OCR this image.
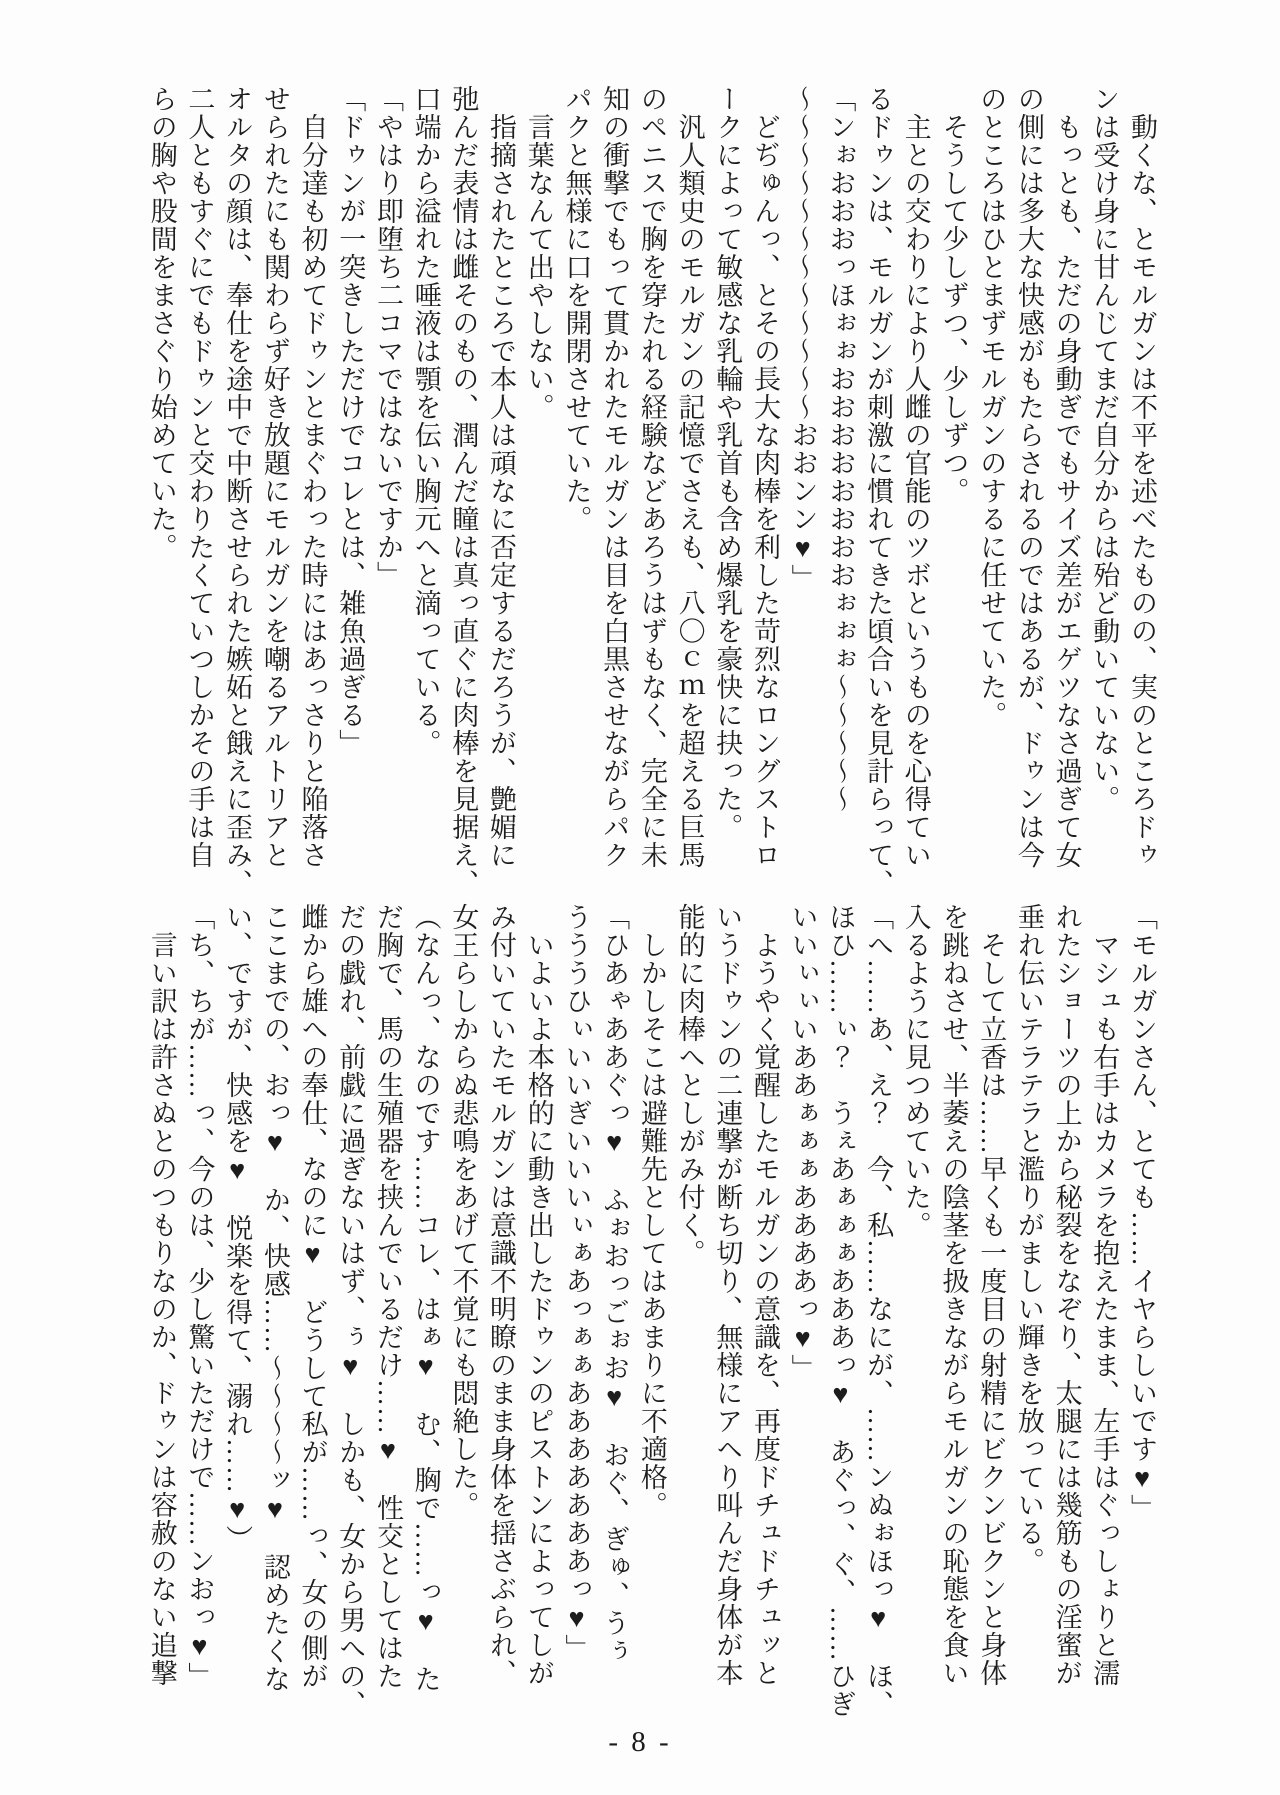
　動くな、とモルガンは不平を述べたものの、実のところドゥ
ンは受け身に甘んじてまだ自分からは殆ど動いていない。
　もっとも、ただの身動ぎでもサイズ差がエゲツなさ過ぎて女
の側には多大な快感がもたらされるのではあるが、ドゥンは今
のところはひとまずモルガンのするに任せていた。
　そうして少しずつ、少しずつ。
　主との交わりにより人雌の官能のツボというものを心得てい
るドゥンは、モルガンが刺激に慣れてきた頃合いを見計らって、
「ンぉおおおっほぉぉおおおおおおおおぉぉぉ〜〜〜〜〜
〜〜〜〜〜〜〜〜〜〜〜〜おおンン♥」
　どぢゅんっ、とその長大な肉棒を利した苛烈なロングストロ
ークによって敏感な乳輪や乳首も含め爆乳を豪快に抉った。
　汎人類史のモルガンの記憶でさえも、八〇ｃｍを超える巨馬
のペニスで胸を穿たれる経験などあろうはずもなく、完全に未
知の衝撃でもって貫かれたモルガンは目を白黒させながらパク
パクと無様に口を開閉させていた。
　言葉なんて出やしない。
　指摘されたところで本人は頑なに否定するだろうが、艶媚に
弛んだ表情は雌そのもの、潤んだ瞳は真っ直ぐに肉棒を見据え、
口端から溢れた唾液は顎を伝い胸元へと滴っている。
「やはり即堕ち二コマではないですか」
「ドゥンが一突きしただけでコレとは、雑魚過ぎる」
　自分達も初めてドゥンとまぐわった時にはあっさりと陥落さ
せられたにも関わらず好き放題にモルガンを嘲るアルトリアと
オルタの顔は、奉仕を途中で中断させられた嫉妬と餓えに歪み、
二人ともすぐにでもドゥンと交わりたくていつしかその手は自
らの胸や股間をまさぐり始めていた。
「モルガンさん、とても……イヤらしいです♥」
　マシュも右手はカメラを抱えたまま、左手はぐっしょりと濡
れたショーツの上から秘裂をなぞり、太腿には幾筋もの淫蜜が
垂れ伝いテラテラと濫りがましい輝きを放っている。
　そして立香は……早くも一度目の射精にビクンビクンと身体
を跳ねさせ、半萎えの陰茎を扱きながらモルガンの恥態を食い
入るように見つめていた。
「へ……あ、え？　今、私……なにが、……ンぬぉほっ♥　ほ、
ほひ……ぃ？　うぇあぁぁぁあああっ♥　あぐっ、ぐ、……ひぎ
いいぃぃいああぁぁぁああああっ♥」
　ようやく覚醒したモルガンの意識を、再度ドチュドチュッと
いうドゥンの二連撃が断ち切り、無様にアヘり叫んだ身体が本
能的に肉棒へとしがみ付く。
　しかしそこは避難先としてはあまりに不適格。
「ひあゃああぐっ♥　ふぉおっごぉお♥　おぐ、ぎゅ、うぅ
うううひぃいいぎいいいぃぁあっぁぁあああああああっ♥」
　いよいよ本格的に動き出したドゥンのピストンによってしが
み付いていたモルガンは意識不明瞭のまま身体を揺さぶられ、
女王らしからぬ悲鳴をあげて不覚にも悶絶した。
（なんっ、なのです……コレ、はぁ♥　む、胸で……っ♥　た
だ胸で、馬の生殖器を挟んでいるだけ……♥　性交としてはた
だの戯れ、前戯に過ぎないはず、ぅ♥　しかも、女から男への、
雌から雄への奉仕、なのに♥　どうして私が……っ、女の側が
ここまでの、おっ♥　か、快感……〜〜〜〜ッ♥　認めたくな
い、ですが、快感を♥　悦楽を得て、溺れ……♥）
「ち、ちが……っ、今のは、少し驚いただけで……ンおっ♥」
　言い訳は許さぬとのつもりなのか、ドゥンは容赦のない追撃
- 8 -
